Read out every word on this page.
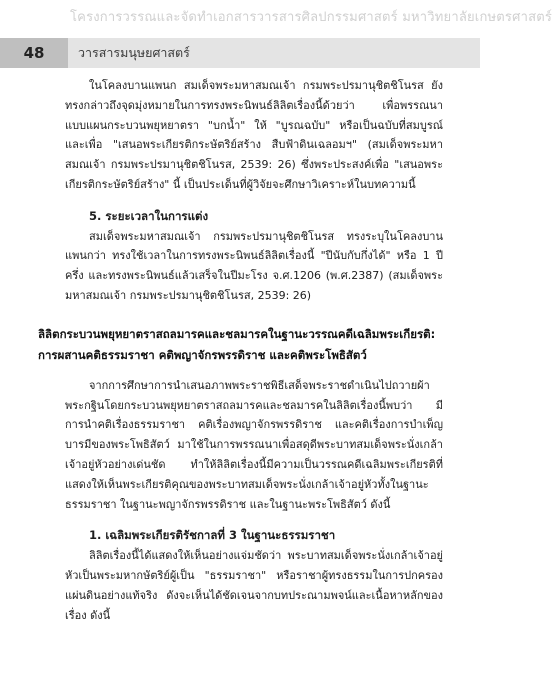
โครงการวรรณและจัดทำเอกสารวารสารศิลปกรรมศาสตร์ มหาวิทยาลัยเกษตรศาสตร์
48	วารสารมนุษยศาสตร์

ในโคลงบานแพนก สมเด็จพระมหาสมณเจ้า กรมพระปรมานุชิตชิโนรส ยังทรงกล่าวถึงจุดมุ่งหมายในการทรงพระนิพนธ์ลิลิตเรื่องนี้ด้วยว่า เพื่อพรรณนาแบบแผนกระบวนพยุหยาตรา "บกน้ำ" ให้ "บูรณฉบับ" หรือเป็นฉบับที่สมบูรณ์ และเพื่อ "เสนอพระเกียรติกระษัตริย์สร้าง สืบฟ้าดินเฉลอมฯ" (สมเด็จพระมหาสมณเจ้า กรมพระปรมานุชิตชิโนรส, 2539: 26) ซึ่งพระประสงค์เพื่อ "เสนอพระเกียรติกระษัตริย์สร้าง" นี้ เป็นประเด็นที่ผู้วิจัยจะศึกษาวิเคราะห์ในบทความนี้

5. ระยะเวลาในการแต่ง

สมเด็จพระมหาสมณเจ้า กรมพระปรมานุชิตชิโนรส ทรงระบุในโคลงบานแพนกว่า ทรงใช้เวลาในการทรงพระนิพนธ์ลิลิตเรื่องนี้ "ปีนับกับกึ่งได้" หรือ 1 ปีครึ่ง และทรงพระนิพนธ์แล้วเสร็จในปีมะโรง จ.ศ.1206 (พ.ศ.2387) (สมเด็จพระมหาสมณเจ้า กรมพระปรมานุชิตชิโนรส, 2539: 26)

ลิลิตกระบวนพยุหยาตราสถลมารคและชลมารคในฐานะวรรณคดีเฉลิมพระเกียรติ: การผสานคติธรรมราชา คติพญาจักรพรรดิราช และคติพระโพธิสัตว์

จากการศึกษาการนำเสนอภาพพระราชพิธีเสด็จพระราชดำเนินไปถวายผ้าพระกฐินโดยกระบวนพยุหยาตราสถลมารคและชลมารคในลิลิตเรื่องนี้พบว่า มีการนำคติเรื่องธรรมราชา คติเรื่องพญาจักรพรรดิราช และคติเรื่องการบำเพ็ญบารมีของพระโพธิสัตว์ มาใช้ในการพรรณนาเพื่อสดุดีพระบาทสมเด็จพระนั่งเกล้าเจ้าอยู่หัวอย่างเด่นชัด ทำให้ลิลิตเรื่องนี้มีความเป็นวรรณคดีเฉลิมพระเกียรติที่แสดงให้เห็นพระเกียรติคุณของพระบาทสมเด็จพระนั่งเกล้าเจ้าอยู่หัวทั้งในฐานะธรรมราชา ในฐานะพญาจักรพรรดิราช และในฐานะพระโพธิสัตว์ ดังนี้

1. เฉลิมพระเกียรติรัชกาลที่ 3 ในฐานะธรรมราชา

ลิลิตเรื่องนี้ได้แสดงให้เห็นอย่างแจ่มชัดว่า พระบาทสมเด็จพระนั่งเกล้าเจ้าอยู่หัวเป็นพระมหากษัตริย์ผู้เป็น "ธรรมราชา" หรือราชาผู้ทรงธรรมในการปกครองแผ่นดินอย่างแท้จริง ดังจะเห็นได้ชัดเจนจากบทประณามพจน์และเนื้อหาหลักของเรื่อง ดังนี้
